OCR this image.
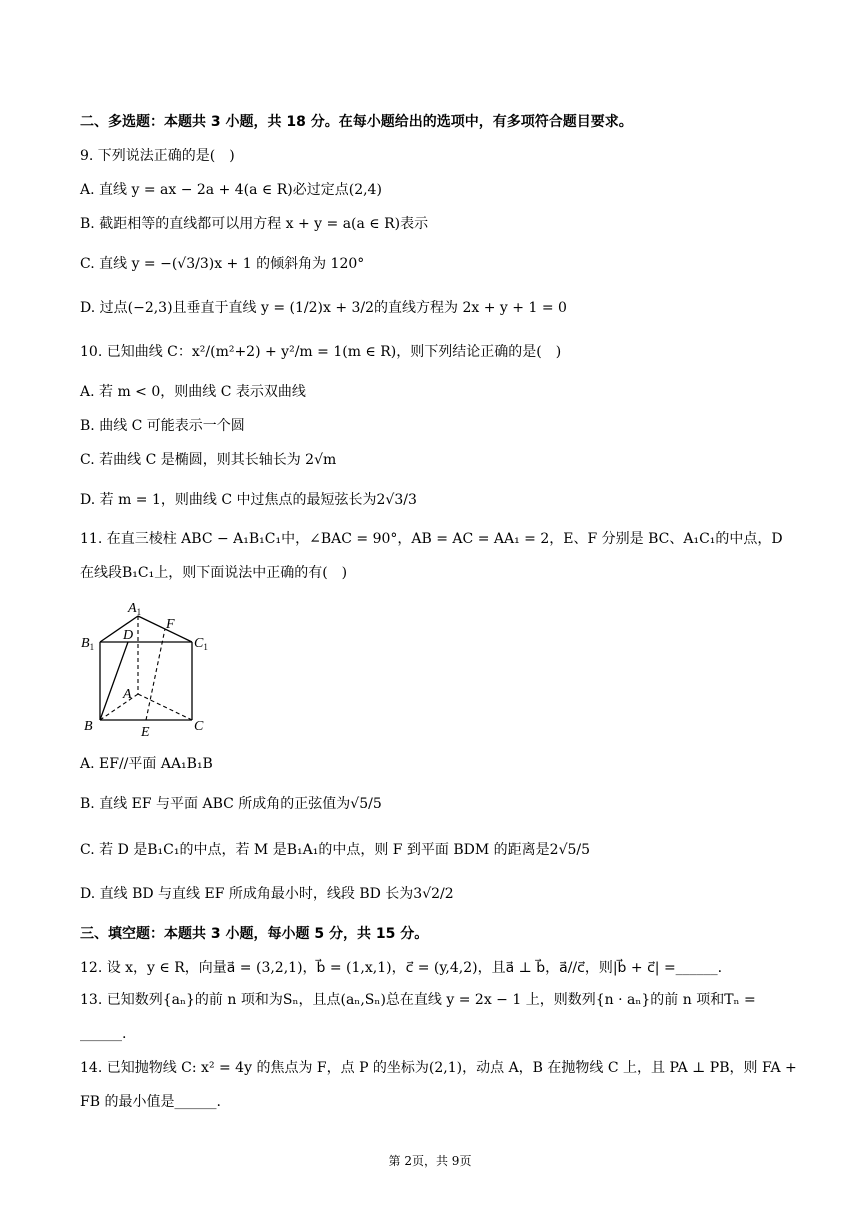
二、多选题：本题共 3 小题，共 18 分。在每小题给出的选项中，有多项符合题目要求。
9. 下列说法正确的是(　)
A. 直线 y = ax − 2a + 4(a ∈ R)必过定点(2,4)
B. 截距相等的直线都可以用方程 x + y = a(a ∈ R)表示
C. 直线 y = −(√3/3)x + 1 的倾斜角为 120°
D. 过点(−2,3)且垂直于直线 y = (1/2)x + 3/2的直线方程为 2x + y + 1 = 0
10. 已知曲线 C：x²/(m²+2) + y²/m = 1(m ∈ R)，则下列结论正确的是(　)
A. 若 m < 0，则曲线 C 表示双曲线
B. 曲线 C 可能表示一个圆
C. 若曲线 C 是椭圆，则其长轴长为 2√m
D. 若 m = 1，则曲线 C 中过焦点的最短弦长为2√3/3
11. 在直三棱柱 ABC − A₁B₁C₁中，∠BAC = 90°，AB = AC = AA₁ = 2，E、F 分别是 BC、A₁C₁的中点，D
在线段B₁C₁上，则下面说法中正确的有(　)
$A_1$
$B_1$	$C_1$
D
F
A
B	C
E
A. EF//平面 AA₁B₁B
B. 直线 EF 与平面 ABC 所成角的正弦值为√5/5
C. 若 D 是B₁C₁的中点，若 M 是B₁A₁的中点，则 F 到平面 BDM 的距离是2√5/5
D. 直线 BD 与直线 EF 所成角最小时，线段 BD 长为3√2/2
三、填空题：本题共 3 小题，每小题 5 分，共 15 分。
12. 设 x，y ∈ R，向量a⃗ = (3,2,1)，b⃗ = (1,x,1)，c⃗ = (y,4,2)，且a⃗ ⊥ b⃗，a⃗//c⃗，则|b⃗ + c⃗| =______.
13. 已知数列{aₙ}的前 n 项和为Sₙ，且点(aₙ,Sₙ)总在直线 y = 2x − 1 上，则数列{n · aₙ}的前 n 项和Tₙ =
______.
14. 已知抛物线 C: x² = 4y 的焦点为 F，点 P 的坐标为(2,1)，动点 A，B 在抛物线 C 上，且 PA ⊥ PB，则 FA +
FB 的最小值是______.
第 2页，共 9页
